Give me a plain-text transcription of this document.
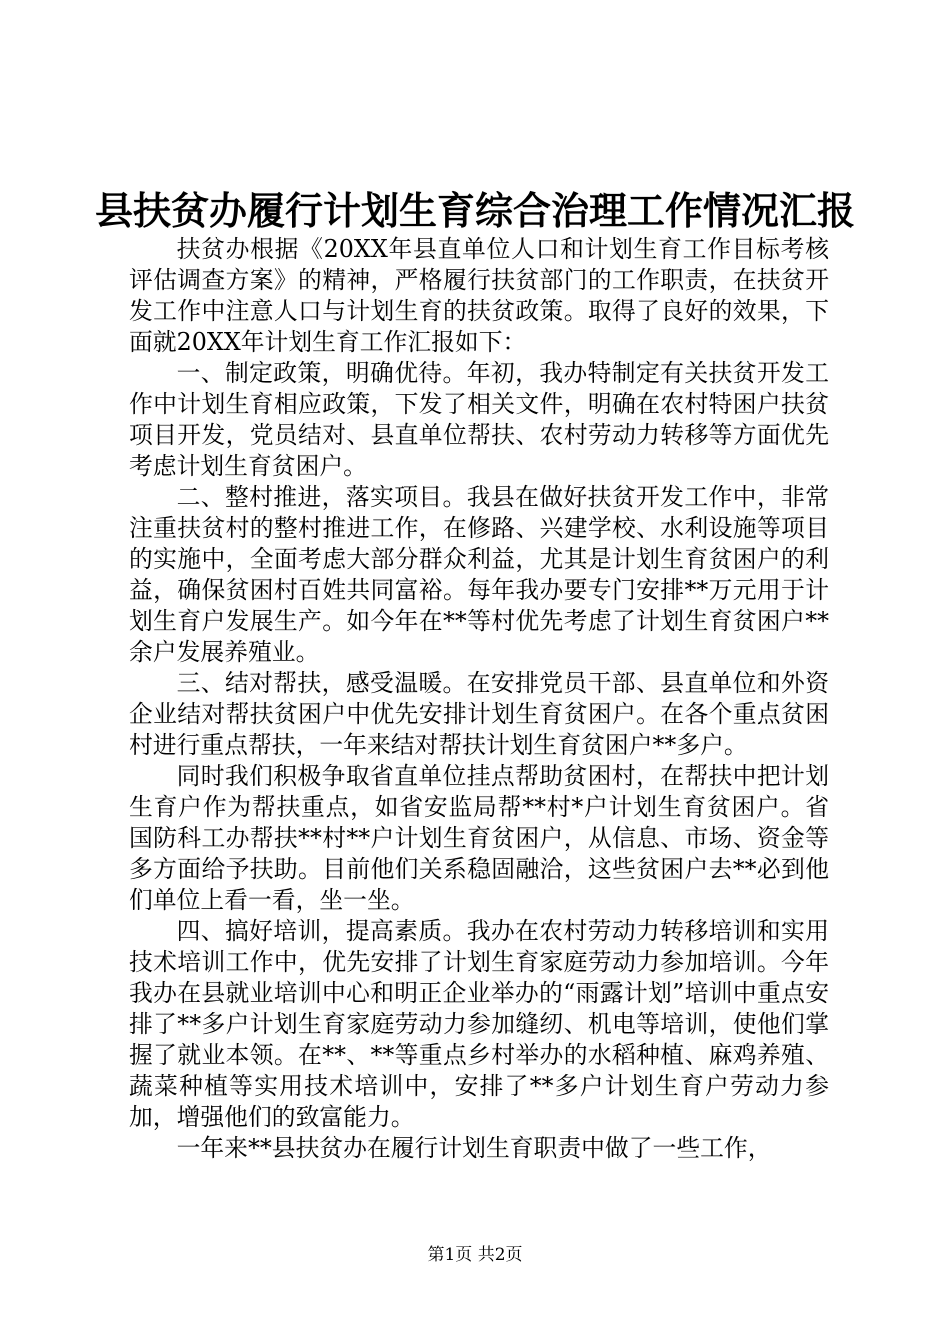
县扶贫办履行计划生育综合治理工作情况汇报

扶贫办根据《20XX年县直单位人口和计划生育工作目标考核评估调查方案》的精神，严格履行扶贫部门的工作职责，在扶贫开发工作中注意人口与计划生育的扶贫政策。取得了良好的效果，下面就20XX年计划生育工作汇报如下：

一、制定政策，明确优待。年初，我办特制定有关扶贫开发工作中计划生育相应政策，下发了相关文件，明确在农村特困户扶贫项目开发，党员结对、县直单位帮扶、农村劳动力转移等方面优先考虑计划生育贫困户。

二、整村推进，落实项目。我县在做好扶贫开发工作中，非常注重扶贫村的整村推进工作，在修路、兴建学校、水利设施等项目的实施中，全面考虑大部分群众利益，尤其是计划生育贫困户的利益，确保贫困村百姓共同富裕。每年我办要专门安排**万元用于计划生育户发展生产。如今年在**等村优先考虑了计划生育贫困户**余户发展养殖业。

三、结对帮扶，感受温暖。在安排党员干部、县直单位和外资企业结对帮扶贫困户中优先安排计划生育贫困户。在各个重点贫困村进行重点帮扶，一年来结对帮扶计划生育贫困户**多户。

同时我们积极争取省直单位挂点帮助贫困村，在帮扶中把计划生育户作为帮扶重点，如省安监局帮**村*户计划生育贫困户。省国防科工办帮扶**村**户计划生育贫困户，从信息、市场、资金等多方面给予扶助。目前他们关系稳固融洽，这些贫困户去**必到他们单位上看一看，坐一坐。

四、搞好培训，提高素质。我办在农村劳动力转移培训和实用技术培训工作中，优先安排了计划生育家庭劳动力参加培训。今年我办在县就业培训中心和明正企业举办的“雨露计划”培训中重点安排了**多户计划生育家庭劳动力参加缝纫、机电等培训，使他们掌握了就业本领。在**、**等重点乡村举办的水稻种植、麻鸡养殖、蔬菜种植等实用技术培训中，安排了**多户计划生育户劳动力参加，增强他们的致富能力。

一年来**县扶贫办在履行计划生育职责中做了一些工作，

第1页 共2页
